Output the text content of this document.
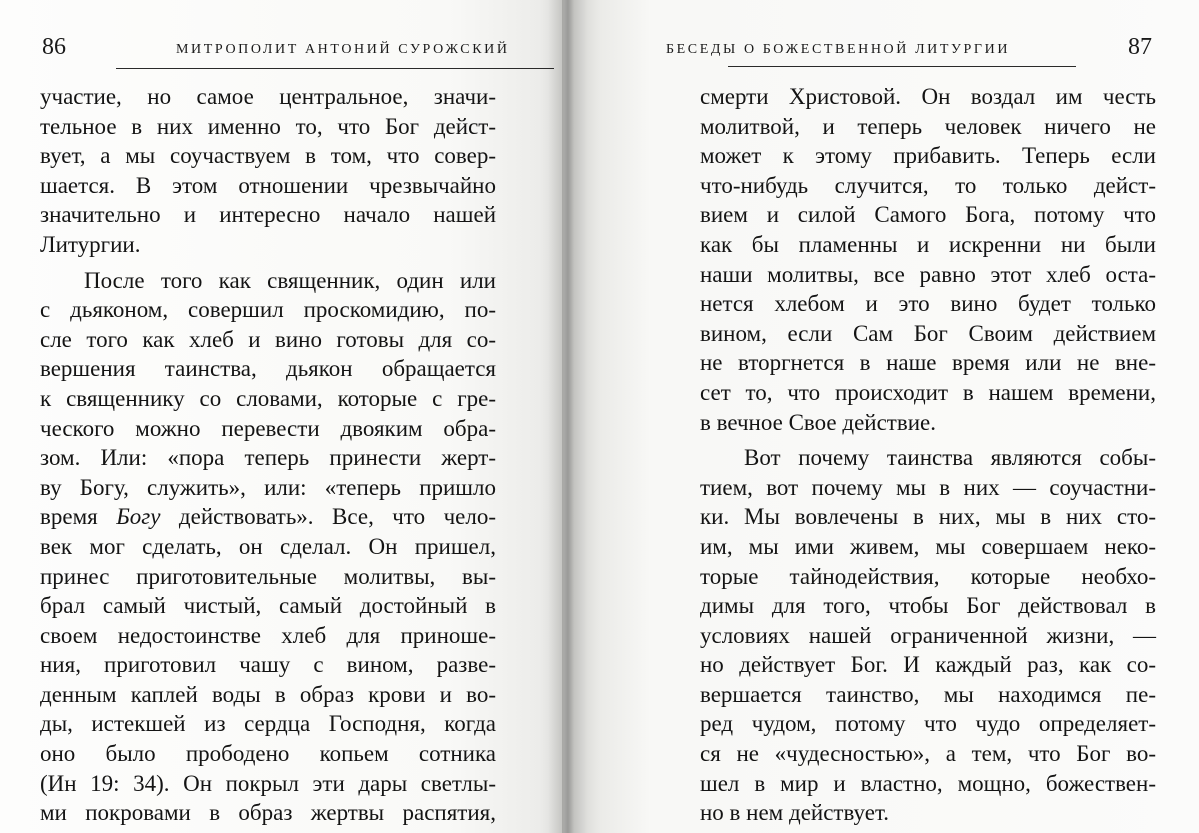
86	МИТРОПОЛИТ АНТОНИЙ СУРОЖСКИЙ
участие, но самое центральное, значи-
тельное в них именно то, что Бог дейст-
вует, а мы соучаствуем в том, что совер-
шается. В этом отношении чрезвычайно
значительно и интересно начало нашей
Литургии.
После того как священник, один или
с дьяконом, совершил проскомидию, по-
сле того как хлеб и вино готовы для со-
вершения таинства, дьякон обращается
к священнику со словами, которые с гре-
ческого можно перевести двояким обра-
зом. Или: «пора теперь принести жерт-
ву Богу, служить», или: «теперь пришло
время Богу действовать». Все, что чело-
век мог сделать, он сделал. Он пришел,
принес приготовительные молитвы, вы-
брал самый чистый, самый достойный в
своем недостоинстве хлеб для приноше-
ния, приготовил чашу с вином, разве-
денным каплей воды в образ крови и во-
ды, истекшей из сердца Господня, когда
оно было прободено копьем сотника
(Ин 19: 34). Он покрыл эти дары светлы-
ми покровами в образ жертвы распятия,
БЕСЕДЫ О БОЖЕСТВЕННОЙ ЛИТУРГИИ	87
смерти Христовой. Он воздал им честь
молитвой, и теперь человек ничего не
может к этому прибавить. Теперь если
что-нибудь случится, то только дейст-
вием и силой Самого Бога, потому что
как бы пламенны и искренни ни были
наши молитвы, все равно этот хлеб оста-
нется хлебом и это вино будет только
вином, если Сам Бог Своим действием
не вторгнется в наше время или не вне-
сет то, что происходит в нашем времени,
в вечное Свое действие.
Вот почему таинства являются собы-
тием, вот почему мы в них — соучастни-
ки. Мы вовлечены в них, мы в них сто-
им, мы ими живем, мы совершаем неко-
торые тайнодействия, которые необхо-
димы для того, чтобы Бог действовал в
условиях нашей ограниченной жизни, —
но действует Бог. И каждый раз, как со-
вершается таинство, мы находимся пе-
ред чудом, потому что чудо определяет-
ся не «чудесностью», а тем, что Бог во-
шел в мир и властно, мощно, божествен-
но в нем действует.
